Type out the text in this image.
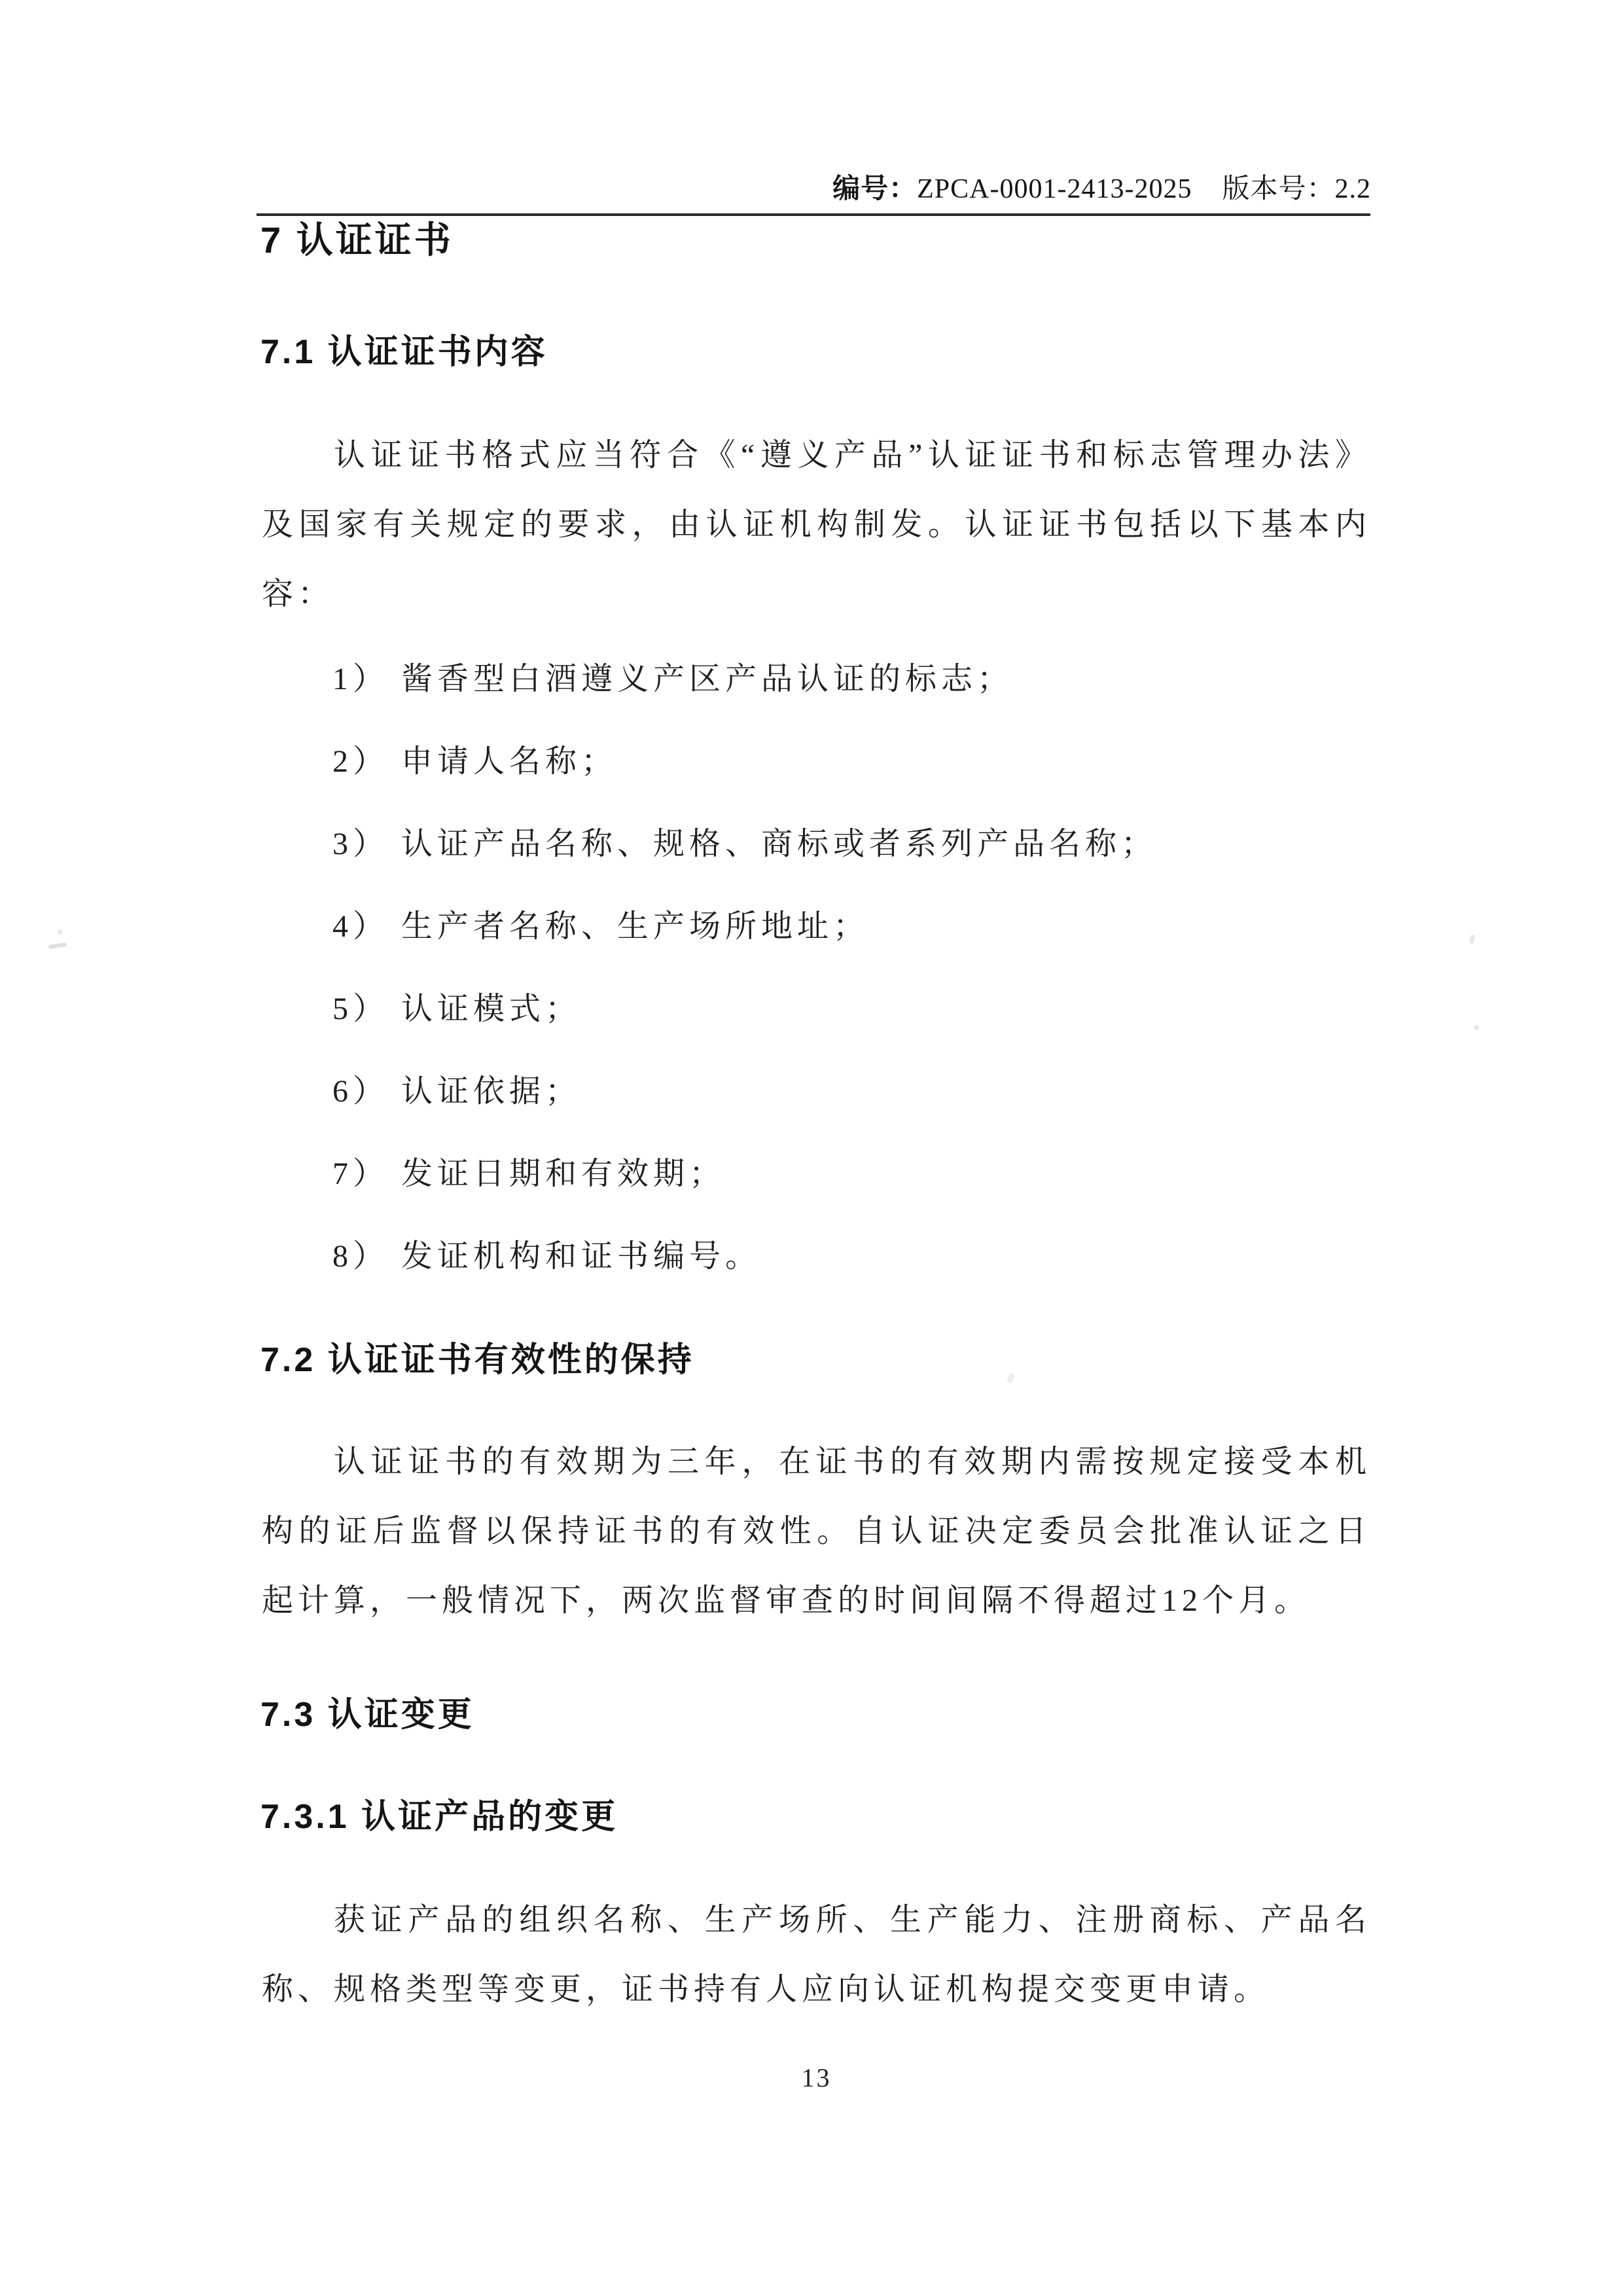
编号：ZPCA-0001-2413-2025 版本号：2.2
7 认证证书
7.1 认证证书内容

认证证书格式应当符合《“遵义产品”认证证书和标志管理办法》及国家有关规定的要求，由认证机构制发。认证证书包括以下基本内容：

1） 酱香型白酒遵义产区产品认证的标志；
2） 申请人名称；
3） 认证产品名称、规格、商标或者系列产品名称；
4） 生产者名称、生产场所地址；
5） 认证模式；
6） 认证依据；
7） 发证日期和有效期；
8） 发证机构和证书编号。
7.2 认证证书有效性的保持

认证证书的有效期为三年，在证书的有效期内需按规定接受本机构的证后监督以保持证书的有效性。自认证决定委员会批准认证之日起计算，一般情况下，两次监督审查的时间间隔不得超过12个月。

7.3 认证变更
7.3.1 认证产品的变更

获证产品的组织名称、生产场所、生产能力、注册商标、产品名称、规格类型等变更，证书持有人应向认证机构提交变更申请。

13
